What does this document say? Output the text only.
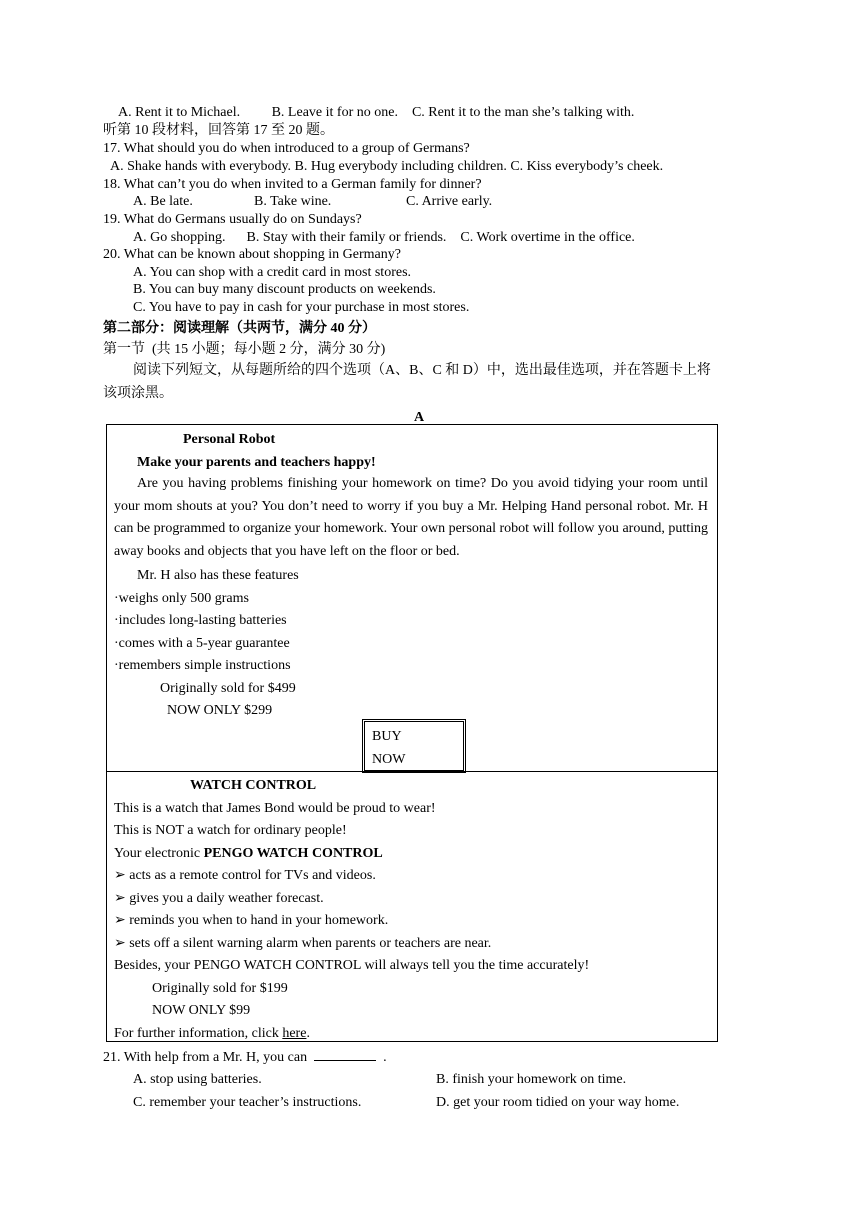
A. Rent it to Michael.         B. Leave it for no one.    C. Rent it to the man she’s talking with.
听第 10 段材料，回答第 17 至 20 题。
17. What should you do when introduced to a group of Germans?
A. Shake hands with everybody. B. Hug everybody including children. C. Kiss everybody’s cheek.
18. What can’t you do when invited to a German family for dinner?
A. Be late.	B. Take wine.	C. Arrive early.
19. What do Germans usually do on Sundays?
A. Go shopping.      B. Stay with their family or friends.    C. Work overtime in the office.
20. What can be known about shopping in Germany?
A. You can shop with a credit card in most stores.
B. You can buy many discount products on weekends.
C. You have to pay in cash for your purchase in most stores.
第二部分：阅读理解（共两节，满分 40 分）
第一节  (共 15 小题；每小题 2 分，满分 30 分)
阅读下列短文，从每题所给的四个选项（A、B、C 和 D）中，选出最佳选项，并在答题卡上将
该项涂黑。
A
Personal Robot
Make your parents and teachers happy!
Are you having problems finishing your homework on time? Do you avoid tidying your room until your mom shouts at you? You don’t need to worry if you buy a Mr. Helping Hand personal robot. Mr. H can be programmed to organize your homework. Your own personal robot will follow you around, putting away books and objects that you have left on the floor or bed.
Mr. H also has these features
·weighs only 500 grams
·includes long-lasting batteries
·comes with a 5-year guarantee
·remembers simple instructions
Originally sold for $499
NOW ONLY $299
BUY
NOW
WATCH CONTROL
This is a watch that James Bond would be proud to wear!
This is NOT a watch for ordinary people!
Your electronic PENGO WATCH CONTROL
➢ acts as a remote control for TVs and videos.
➢ gives you a daily weather forecast.
➢ reminds you when to hand in your homework.
➢ sets off a silent warning alarm when parents or teachers are near.
Besides, your PENGO WATCH CONTROL will always tell you the time accurately!
Originally sold for $199
NOW ONLY $99
For further information, click here.
21. With help from a Mr. H, you can	.
A. stop using batteries.	B. finish your homework on time.
C. remember your teacher’s instructions.	D. get your room tidied on your way home.
